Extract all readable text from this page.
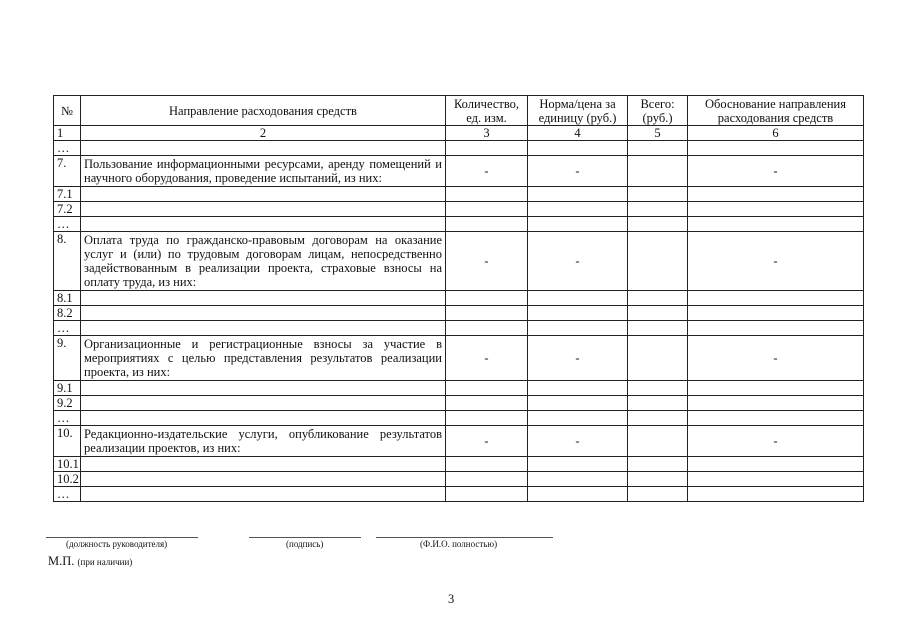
№	Направление расходования средств	Количество, ед. изм.	Норма/цена за единицу (руб.)	Всего: (руб.)	Обоснование направления расходования средств
1	2	3	4	5	6
…					
7.	Пользование информационными ресурсами, аренду помещений и научного оборудования, проведение испытаний, из них:	-	-		-
7.1					
7.2					
…					
8.	Оплата труда по гражданско-правовым договорам на оказание услуг и (или) по трудовым договорам лицам, непосредственно задействованным в реализации проекта, страховые взносы на оплату труда, из них:	-	-		-
8.1					
8.2					
…					
9.	Организационные и регистрационные взносы за участие в мероприятиях с целью представления результатов реализации проекта, из них:	-	-		-
9.1					
9.2					
…					
10.	Редакционно-издательские услуги, опубликование результатов реализации проектов, из них:	-	-		-
10.1					
10.2					
…					
(должность руководителя)	(подпись)	(Ф.И.О. полностью)
М.П. (при наличии)
3
